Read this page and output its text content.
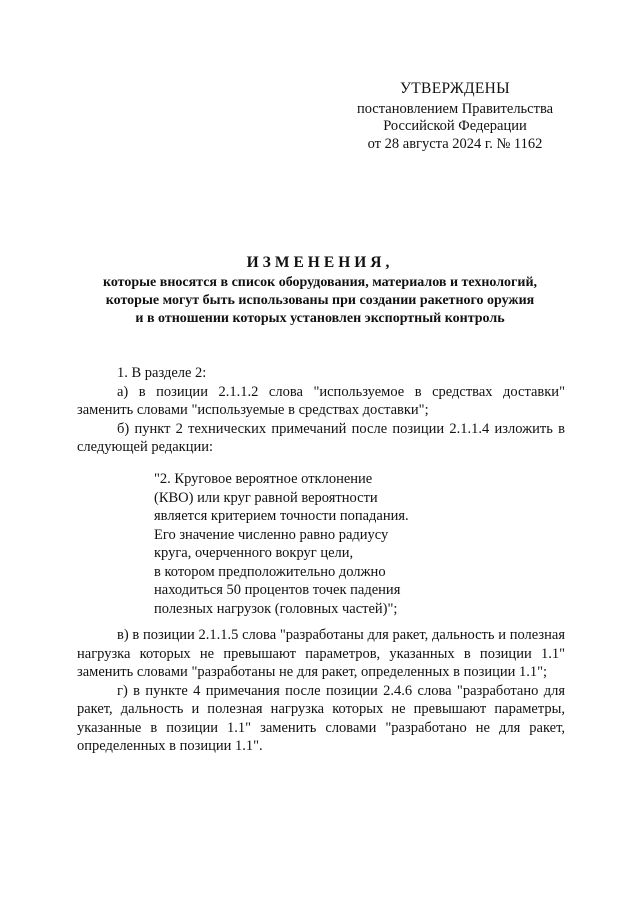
УТВЕРЖДЕНЫ
постановлением Правительства
Российской Федерации
от 28 августа 2024 г. № 1162
ИЗМЕНЕНИЯ,
которые вносятся в список оборудования, материалов и технологий,
которые могут быть использованы при создании ракетного оружия
и в отношении которых установлен экспортный контроль

1. В разделе 2:

а) в позиции 2.1.1.2 слова "используемое в средствах доставки" заменить словами "используемые в средствах доставки";

б) пункт 2 технических примечаний после позиции 2.1.1.4 изложить в следующей редакции:

"2. Круговое вероятное отклонение
(КВО) или круг равной вероятности
является критерием точности попадания.
Его значение численно равно радиусу
круга, очерченного вокруг цели,
в котором предположительно должно
находиться 50 процентов точек падения
полезных нагрузок (головных частей)";

в) в позиции 2.1.1.5 слова "разработаны для ракет, дальность и полезная нагрузка которых не превышают параметров, указанных в позиции 1.1" заменить словами "разработаны не для ракет, определенных в позиции 1.1";

г) в пункте 4 примечания после позиции 2.4.6 слова "разработано для ракет, дальность и полезная нагрузка которых не превышают параметры, указанные в позиции 1.1" заменить словами "разработано не для ракет, определенных в позиции 1.1".
